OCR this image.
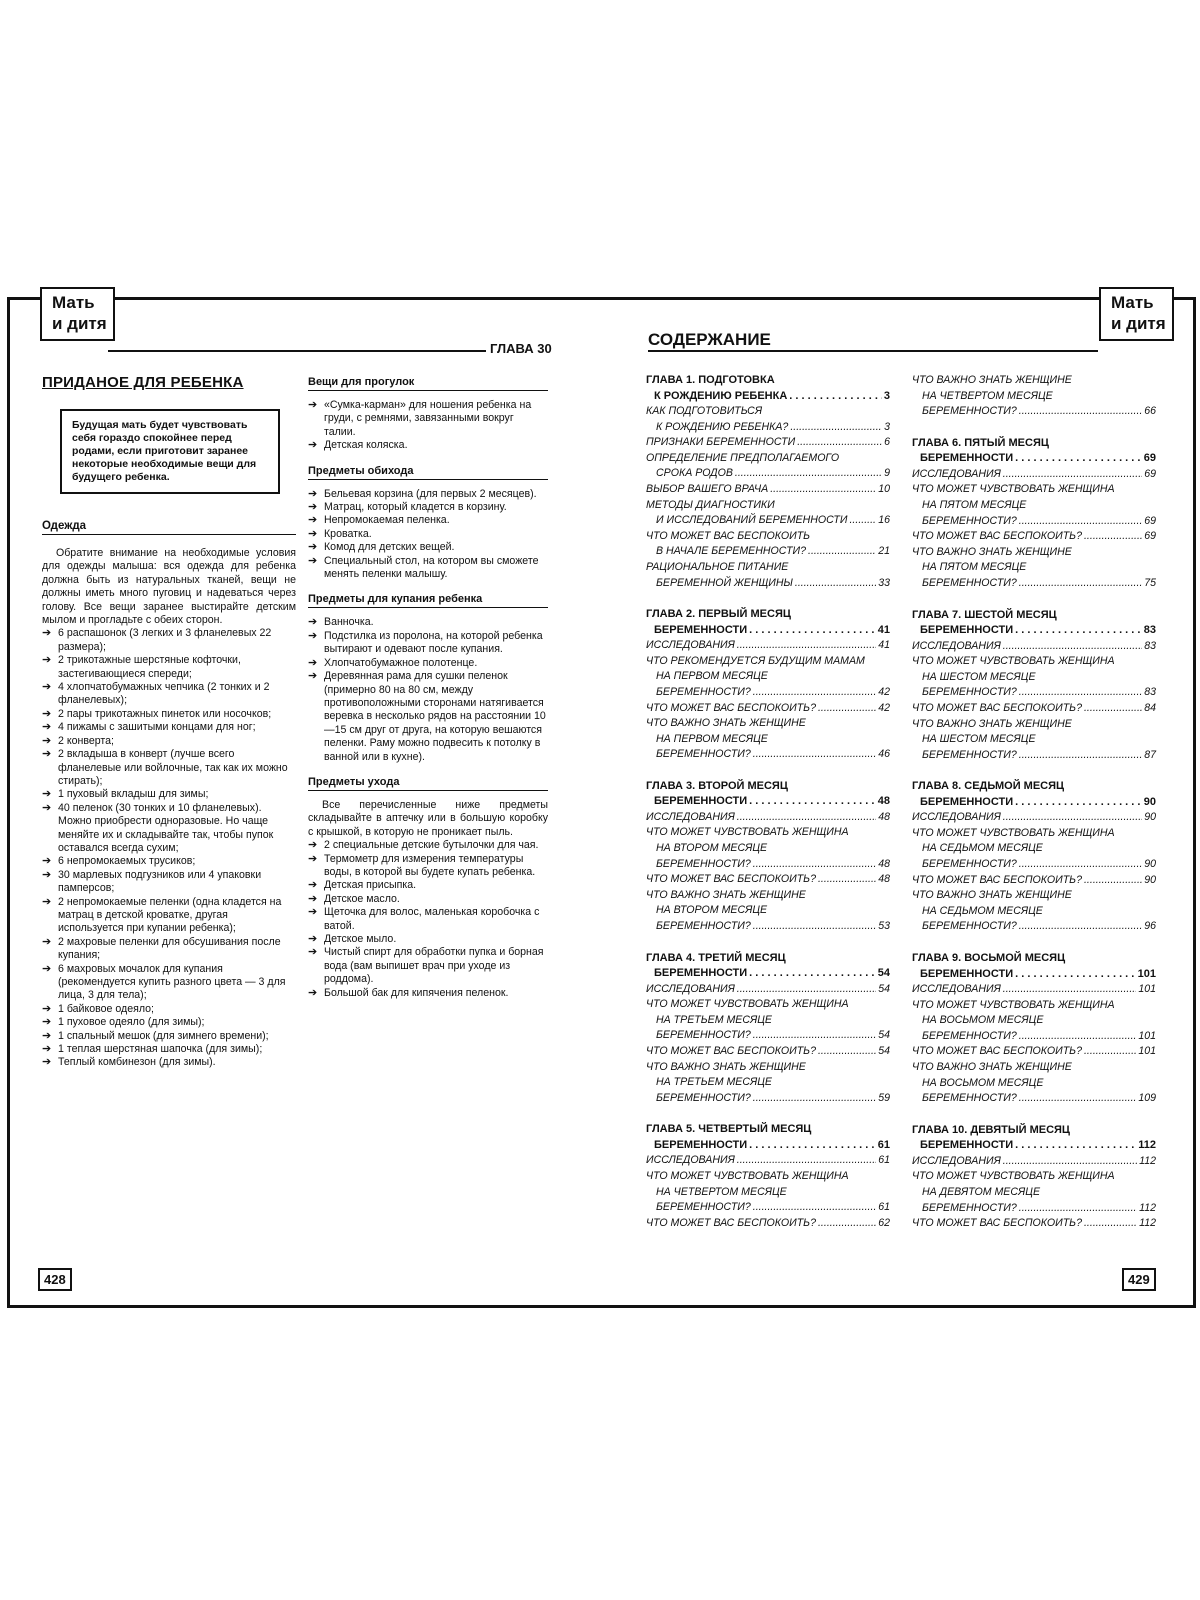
Мать
и дитя
ГЛАВА 30
ПРИДАНОЕ ДЛЯ РЕБЕНКА
Будущая мать будет чувствовать себя гораздо спокойнее перед родами, если приготовит заранее некоторые необходимые вещи для будущего ребенка.
Одежда

Обратите внимание на необходимые условия для одежды малыша: вся одежда для ребенка должна быть из натуральных тканей, вещи не должны иметь много пуговиц и надеваться через голову. Все вещи заранее выстирайте детским мылом и прогладьте с обеих сторон.

➔ 6 распашонок (3 легких и 3 фланелевых 22 размера);
➔ 2 трикотажные шерстяные кофточки, застегивающиеся спереди;
➔ 4 хлопчатобумажных чепчика (2 тонких и 2 фланелевых);
➔ 2 пары трикотажных пинеток или носочков;
➔ 4 пижамы с зашитыми концами для ног;
➔ 2 конверта;
➔ 2 вкладыша в конверт (лучше всего фланелевые или войлочные, так как их можно стирать);
➔ 1 пуховый вкладыш для зимы;
➔ 40 пеленок (30 тонких и 10 фланелевых). Можно приобрести одноразовые. Но чаще меняйте их и складывайте так, чтобы пупок оставался всегда сухим;
➔ 6 непромокаемых трусиков;
➔ 30 марлевых подгузников или 4 упаковки памперсов;
➔ 2 непромокаемые пеленки (одна кладется на матрац в детской кроватке, другая используется при купании ребенка);
➔ 2 махровые пеленки для обсушивания после купания;
➔ 6 махровых мочалок для купания (рекомендуется купить разного цвета — 3 для лица, 3 для тела);
➔ 1 байковое одеяло;
➔ 1 пуховое одеяло (для зимы);
➔ 1 спальный мешок (для зимнего времени);
➔ 1 теплая шерстяная шапочка (для зимы);
➔ Теплый комбинезон (для зимы).
Вещи для прогулок
➔ «Сумка-карман» для ношения ребенка на груди, с ремнями, завязанными вокруг талии.
➔ Детская коляска.
Предметы обихода
➔ Бельевая корзина (для первых 2 месяцев).
➔ Матрац, который кладется в корзину.
➔ Непромокаемая пеленка.
➔ Кроватка.
➔ Комод для детских вещей.
➔ Специальный стол, на котором вы сможете менять пеленки малышу.
Предметы для купания ребенка
➔ Ванночка.
➔ Подстилка из поролона, на которой ребенка вытирают и одевают после купания.
➔ Хлопчатобумажное полотенце.
➔ Деревянная рама для сушки пеленок (примерно 80 на 80 см, между противоположными сторонами натягивается веревка в несколько рядов на расстоянии 10—15 см друг от друга, на которую вешаются пеленки. Раму можно подвесить к потолку в ванной или в кухне).
Предметы ухода

Все перечисленные ниже предметы складывайте в аптечку или в большую коробку с крышкой, в которую не проникает пыль.

➔ 2 специальные детские бутылочки для чая.
➔ Термометр для измерения температуры воды, в которой вы будете купать ребенка.
➔ Детская присыпка.
➔ Детское масло.
➔ Щеточка для волос, маленькая коробочка с ватой.
➔ Детское мыло.
➔ Чистый спирт для обработки пупка и борная вода (вам выпишет врач при уходе из роддома).
➔ Большой бак для кипячения пеленок.
428
СОДЕРЖАНИЕ
Мать
и дитя
ГЛАВА 1. ПОДГОТОВКА
К РОЖДЕНИЮ РЕБЕНКА . . .	3
КАК ПОДГОТОВИТЬСЯ
К РОЖДЕНИЮ РЕБЕНКА? .....	3
ПРИЗНАКИ БЕРЕМЕННОСТИ .....	6
ОПРЕДЕЛЕНИЕ ПРЕДПОЛАГАЕМОГО
СРОКА РОДОВ .....	9
ВЫБОР ВАШЕГО ВРАЧА .....	10
МЕТОДЫ ДИАГНОСТИКИ
И ИССЛЕДОВАНИЙ БЕРЕМЕННОСТИ .....	16
ЧТО МОЖЕТ ВАС БЕСПОКОИТЬ
В НАЧАЛЕ БЕРЕМЕННОСТИ? .....	21
РАЦИОНАЛЬНОЕ ПИТАНИЕ
БЕРЕМЕННОЙ ЖЕНЩИНЫ .....	33
ГЛАВА 2. ПЕРВЫЙ МЕСЯЦ
БЕРЕМЕННОСТИ . . .	41
ИССЛЕДОВАНИЯ .....	41
ЧТО РЕКОМЕНДУЕТСЯ БУДУЩИМ МАМАМ
НА ПЕРВОМ МЕСЯЦЕ
БЕРЕМЕННОСТИ? .....	42
ЧТО МОЖЕТ ВАС БЕСПОКОИТЬ? .....	42
ЧТО ВАЖНО ЗНАТЬ ЖЕНЩИНЕ
НА ПЕРВОМ МЕСЯЦЕ
БЕРЕМЕННОСТИ? .....	46
ГЛАВА 3. ВТОРОЙ МЕСЯЦ
БЕРЕМЕННОСТИ . . .	48
ИССЛЕДОВАНИЯ .....	48
ЧТО МОЖЕТ ЧУВСТВОВАТЬ ЖЕНЩИНА
НА ВТОРОМ МЕСЯЦЕ
БЕРЕМЕННОСТИ? .....	48
ЧТО МОЖЕТ ВАС БЕСПОКОИТЬ? .....	48
ЧТО ВАЖНО ЗНАТЬ ЖЕНЩИНЕ
НА ВТОРОМ МЕСЯЦЕ
БЕРЕМЕННОСТИ? .....	53
ГЛАВА 4. ТРЕТИЙ МЕСЯЦ
БЕРЕМЕННОСТИ . . .	54
ИССЛЕДОВАНИЯ .....	54
ЧТО МОЖЕТ ЧУВСТВОВАТЬ ЖЕНЩИНА
НА ТРЕТЬЕМ МЕСЯЦЕ
БЕРЕМЕННОСТИ? .....	54
ЧТО МОЖЕТ ВАС БЕСПОКОИТЬ? .....	54
ЧТО ВАЖНО ЗНАТЬ ЖЕНЩИНЕ
НА ТРЕТЬЕМ МЕСЯЦЕ
БЕРЕМЕННОСТИ? .....	59
ГЛАВА 5. ЧЕТВЕРТЫЙ МЕСЯЦ
БЕРЕМЕННОСТИ . . .	61
ИССЛЕДОВАНИЯ .....	61
ЧТО МОЖЕТ ЧУВСТВОВАТЬ ЖЕНЩИНА
НА ЧЕТВЕРТОМ МЕСЯЦЕ
БЕРЕМЕННОСТИ? .....	61
ЧТО МОЖЕТ ВАС БЕСПОКОИТЬ? .....	62
ЧТО ВАЖНО ЗНАТЬ ЖЕНЩИНЕ
НА ЧЕТВЕРТОМ МЕСЯЦЕ
БЕРЕМЕННОСТИ? .....	66
ГЛАВА 6. ПЯТЫЙ МЕСЯЦ
БЕРЕМЕННОСТИ . . .	69
ИССЛЕДОВАНИЯ .....	69
ЧТО МОЖЕТ ЧУВСТВОВАТЬ ЖЕНЩИНА
НА ПЯТОМ МЕСЯЦЕ
БЕРЕМЕННОСТИ? .....	69
ЧТО МОЖЕТ ВАС БЕСПОКОИТЬ? .....	69
ЧТО ВАЖНО ЗНАТЬ ЖЕНЩИНЕ
НА ПЯТОМ МЕСЯЦЕ
БЕРЕМЕННОСТИ? .....	75
ГЛАВА 7. ШЕСТОЙ МЕСЯЦ
БЕРЕМЕННОСТИ . . .	83
ИССЛЕДОВАНИЯ .....	83
ЧТО МОЖЕТ ЧУВСТВОВАТЬ ЖЕНЩИНА
НА ШЕСТОМ МЕСЯЦЕ
БЕРЕМЕННОСТИ? .....	83
ЧТО МОЖЕТ ВАС БЕСПОКОИТЬ? .....	84
ЧТО ВАЖНО ЗНАТЬ ЖЕНЩИНЕ
НА ШЕСТОМ МЕСЯЦЕ
БЕРЕМЕННОСТИ? .....	87
ГЛАВА 8. СЕДЬМОЙ МЕСЯЦ
БЕРЕМЕННОСТИ . . .	90
ИССЛЕДОВАНИЯ .....	90
ЧТО МОЖЕТ ЧУВСТВОВАТЬ ЖЕНЩИНА
НА СЕДЬМОМ МЕСЯЦЕ
БЕРЕМЕННОСТИ? .....	90
ЧТО МОЖЕТ ВАС БЕСПОКОИТЬ? .....	90
ЧТО ВАЖНО ЗНАТЬ ЖЕНЩИНЕ
НА СЕДЬМОМ МЕСЯЦЕ
БЕРЕМЕННОСТИ? .....	96
ГЛАВА 9. ВОСЬМОЙ МЕСЯЦ
БЕРЕМЕННОСТИ . . .	101
ИССЛЕДОВАНИЯ .....	101
ЧТО МОЖЕТ ЧУВСТВОВАТЬ ЖЕНЩИНА
НА ВОСЬМОМ МЕСЯЦЕ
БЕРЕМЕННОСТИ? .....	101
ЧТО МОЖЕТ ВАС БЕСПОКОИТЬ? .....	101
ЧТО ВАЖНО ЗНАТЬ ЖЕНЩИНЕ
НА ВОСЬМОМ МЕСЯЦЕ
БЕРЕМЕННОСТИ? .....	109
ГЛАВА 10. ДЕВЯТЫЙ МЕСЯЦ
БЕРЕМЕННОСТИ . . .	112
ИССЛЕДОВАНИЯ .....	112
ЧТО МОЖЕТ ЧУВСТВОВАТЬ ЖЕНЩИНА
НА ДЕВЯТОМ МЕСЯЦЕ
БЕРЕМЕННОСТИ? .....	112
ЧТО МОЖЕТ ВАС БЕСПОКОИТЬ? .....	112
429
